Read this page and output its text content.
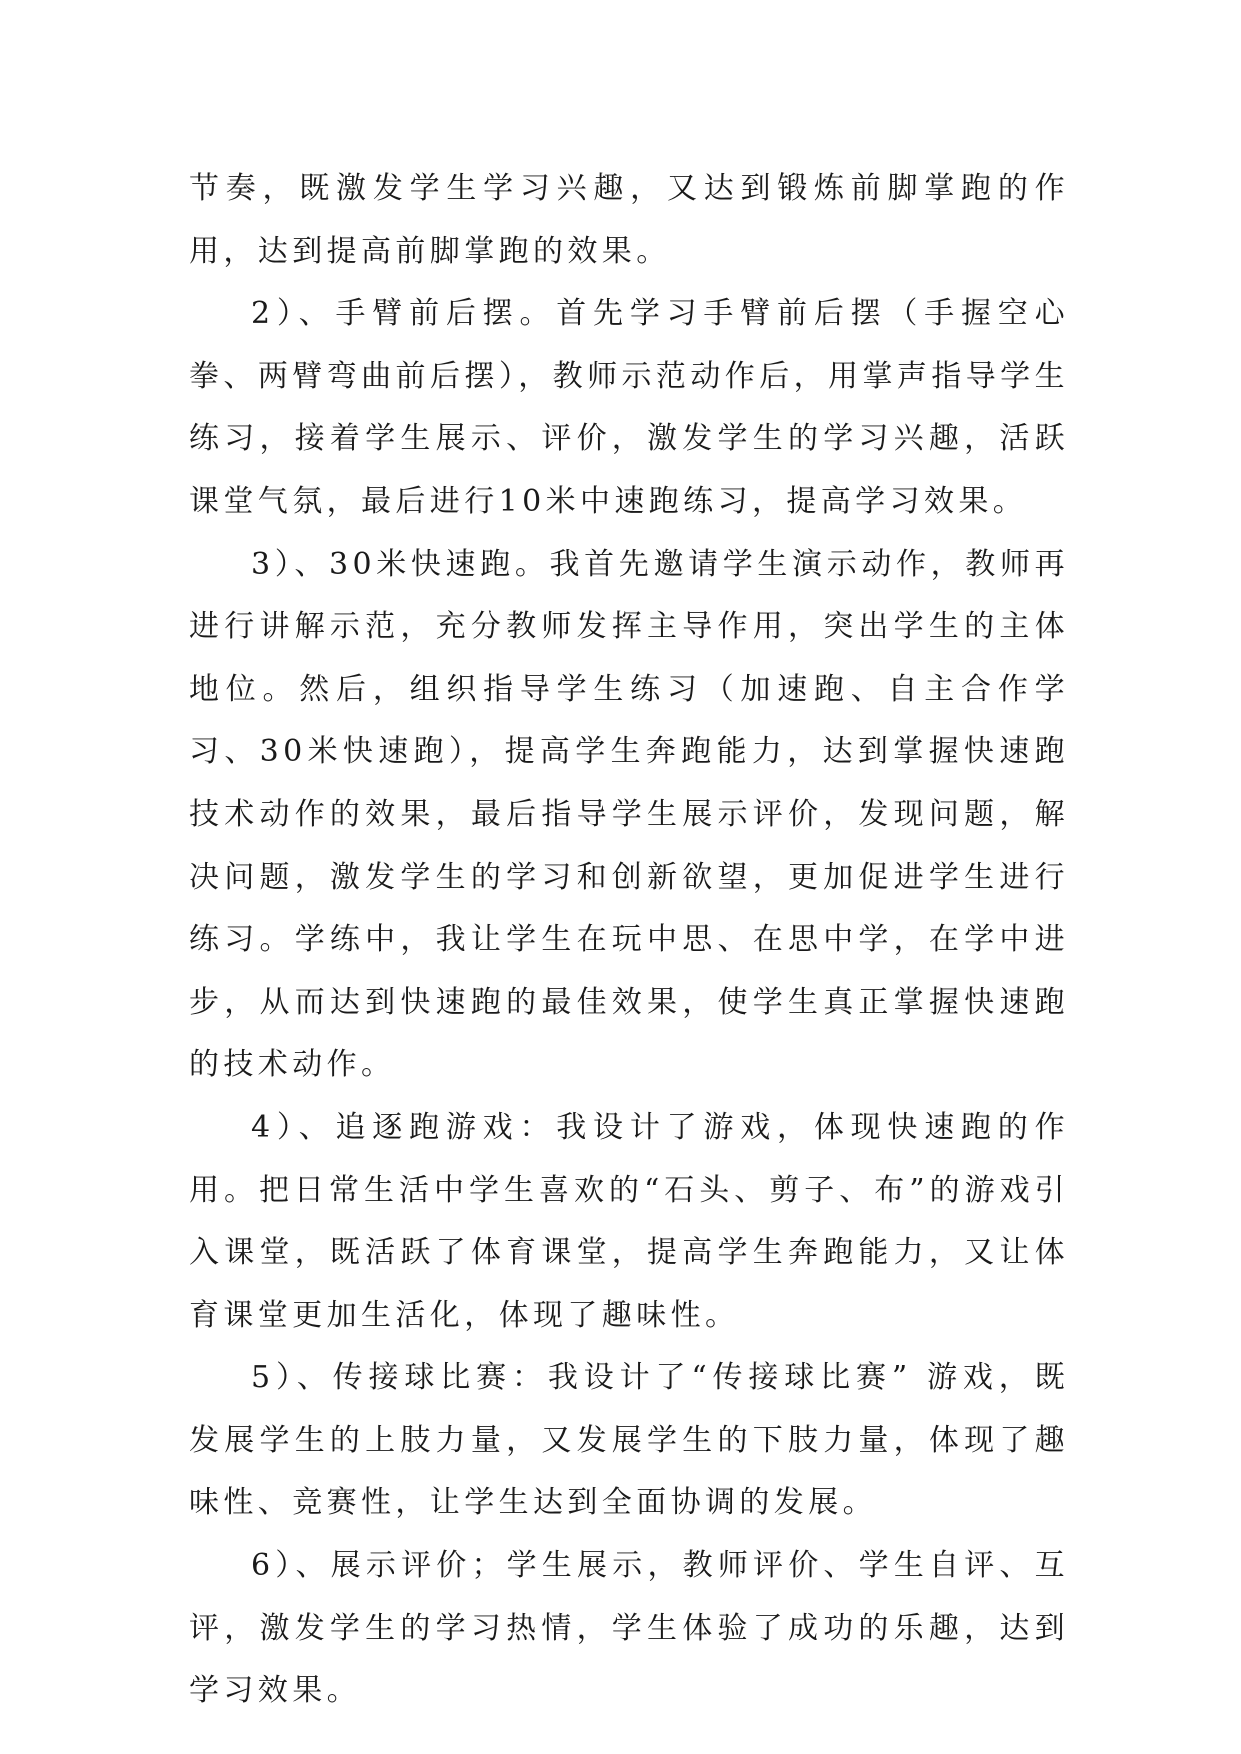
节奏，既激发学生学习兴趣，又达到锻炼前脚掌跑的作用，达到提高前脚掌跑的效果。

2）、手臂前后摆。首先学习手臂前后摆（手握空心拳、两臂弯曲前后摆），教师示范动作后，用掌声指导学生练习，接着学生展示、评价，激发学生的学习兴趣，活跃课堂气氛，最后进行10米中速跑练习，提高学习效果。

3）、30米快速跑。我首先邀请学生演示动作，教师再进行讲解示范，充分教师发挥主导作用，突出学生的主体地位。然后，组织指导学生练习（加速跑、自主合作学习、30米快速跑），提高学生奔跑能力，达到掌握快速跑技术动作的效果，最后指导学生展示评价，发现问题，解决问题，激发学生的学习和创新欲望，更加促进学生进行练习。学练中，我让学生在玩中思、在思中学，在学中进步，从而达到快速跑的最佳效果，使学生真正掌握快速跑的技术动作。

4）、追逐跑游戏：我设计了游戏，体现快速跑的作用。把日常生活中学生喜欢的“石头、剪子、布”的游戏引入课堂，既活跃了体育课堂，提高学生奔跑能力，又让体育课堂更加生活化，体现了趣味性。

5）、传接球比赛：我设计了“传接球比赛” 游戏，既发展学生的上肢力量，又发展学生的下肢力量，体现了趣味性、竞赛性，让学生达到全面协调的发展。

6）、展示评价；学生展示，教师评价、学生自评、互评，激发学生的学习热情，学生体验了成功的乐趣，达到学习效果。
